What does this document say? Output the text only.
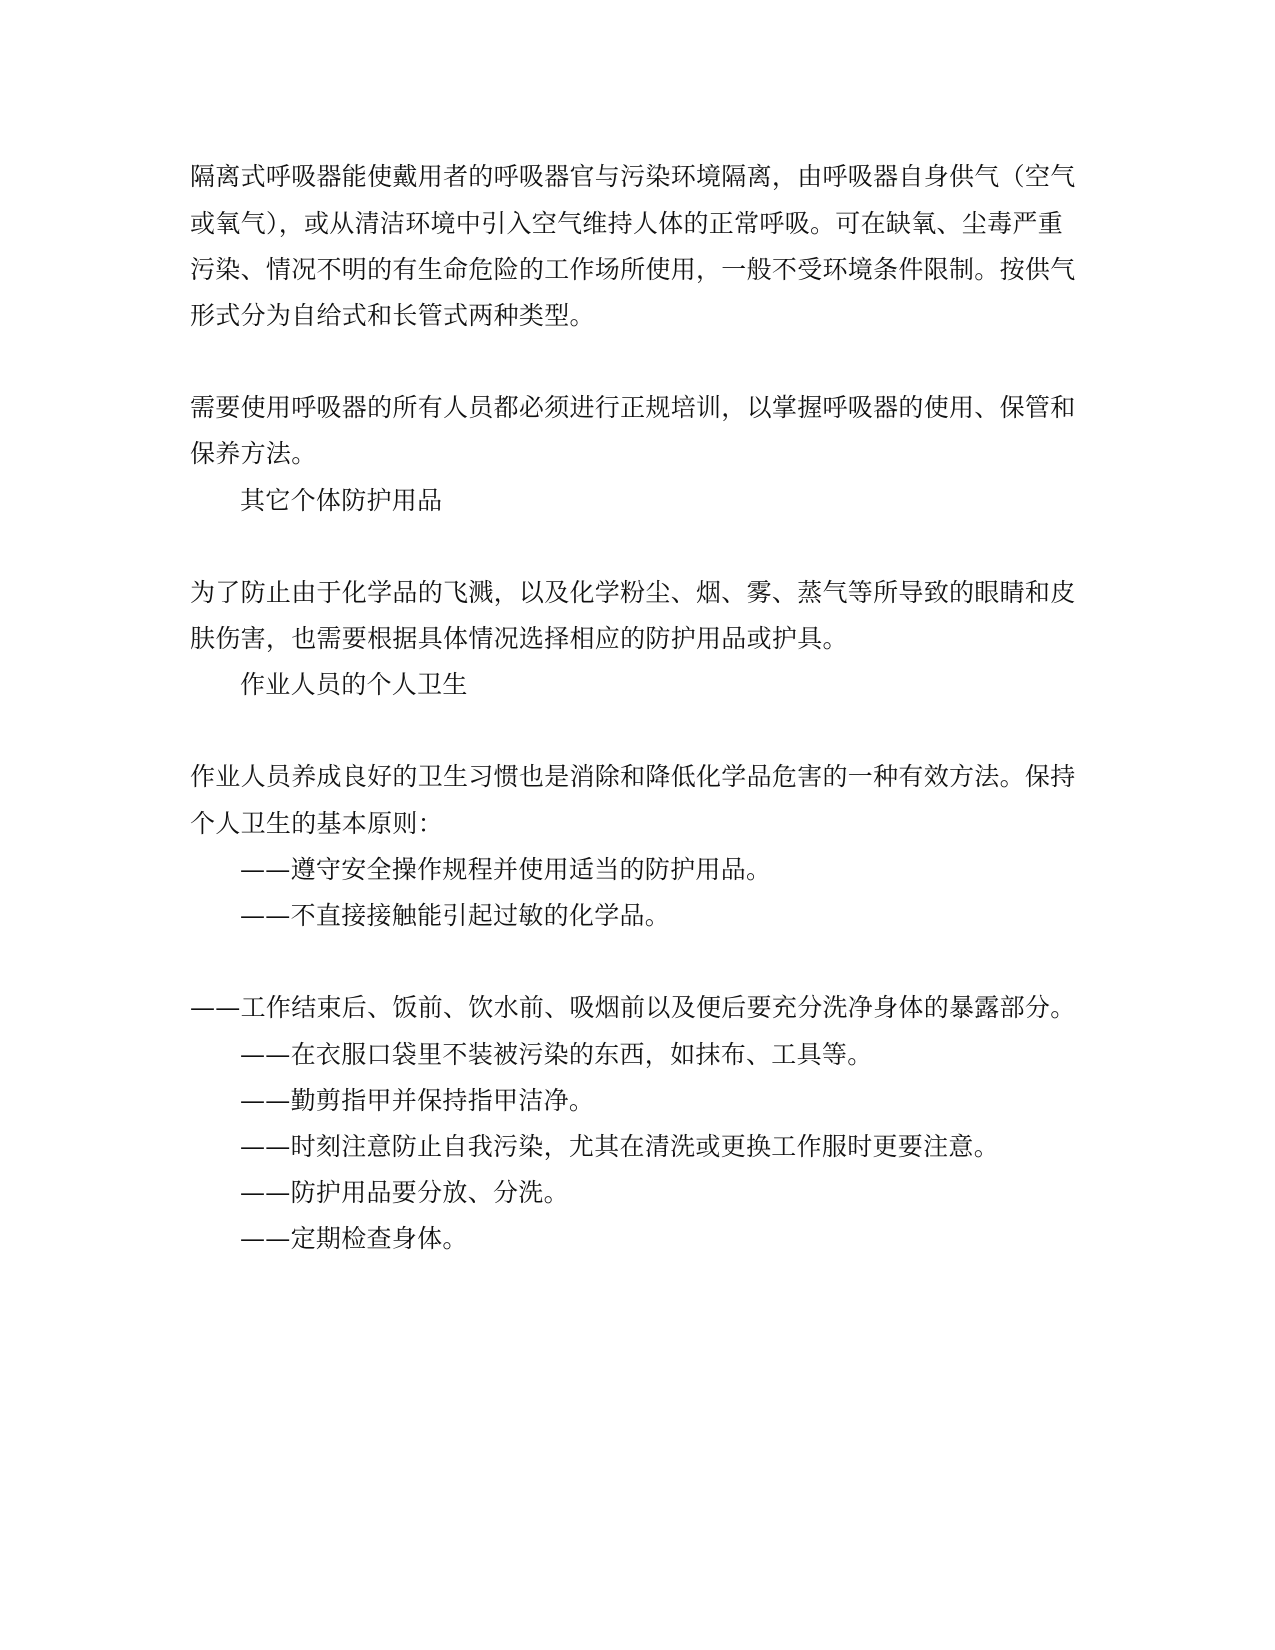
隔离式呼吸器能使戴用者的呼吸器官与污染环境隔离，由呼吸器自身供气（空气
或氧气），或从清洁环境中引入空气维持人体的正常呼吸。可在缺氧、尘毒严重
污染、情况不明的有生命危险的工作场所使用，一般不受环境条件限制。按供气
形式分为自给式和长管式两种类型。
需要使用呼吸器的所有人员都必须进行正规培训，以掌握呼吸器的使用、保管和
保养方法。
其它个体防护用品
为了防止由于化学品的飞溅，以及化学粉尘、烟、雾、蒸气等所导致的眼睛和皮
肤伤害，也需要根据具体情况选择相应的防护用品或护具。
作业人员的个人卫生
作业人员养成良好的卫生习惯也是消除和降低化学品危害的一种有效方法。保持
个人卫生的基本原则：
——遵守安全操作规程并使用适当的防护用品。
——不直接接触能引起过敏的化学品。
——工作结束后、饭前、饮水前、吸烟前以及便后要充分洗净身体的暴露部分。
——在衣服口袋里不装被污染的东西，如抹布、工具等。
——勤剪指甲并保持指甲洁净。
——时刻注意防止自我污染，尤其在清洗或更换工作服时更要注意。
——防护用品要分放、分洗。
——定期检查身体。
